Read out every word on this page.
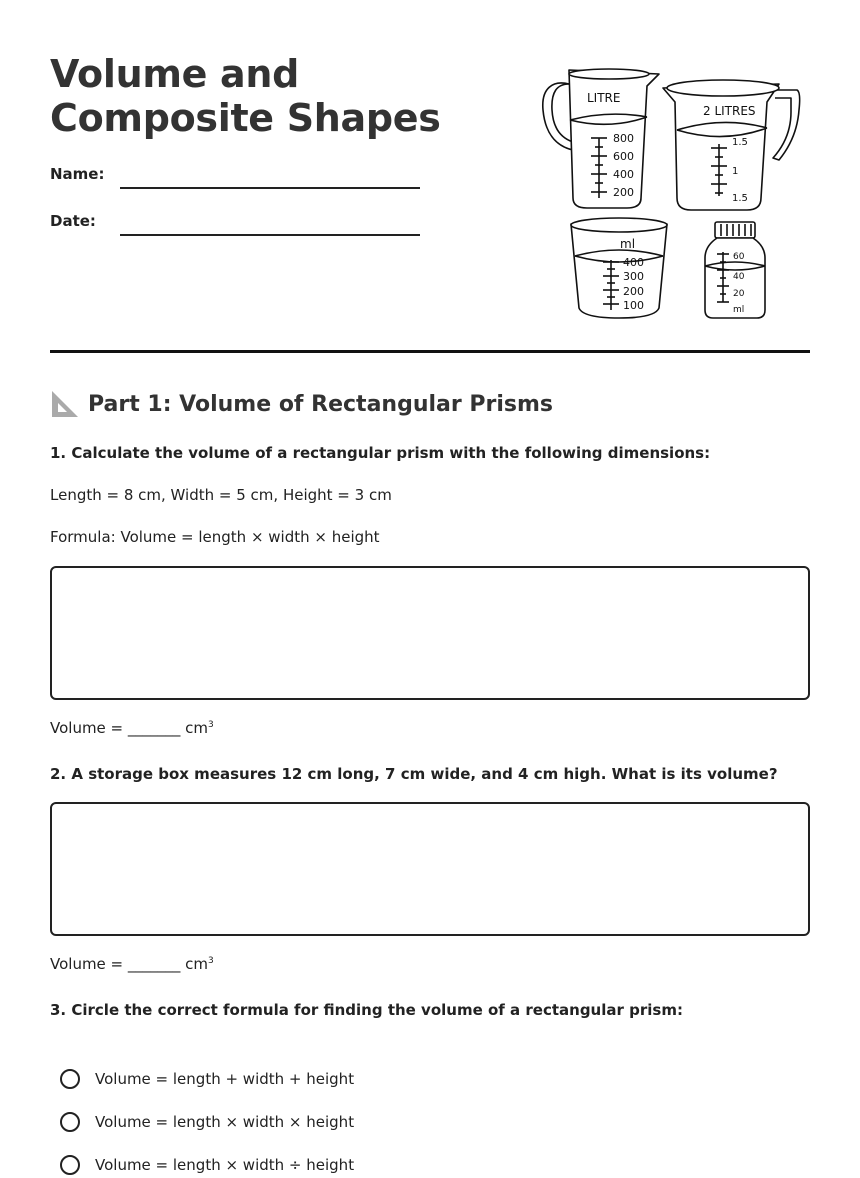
Volume and Composite Shapes
Name:
Date:
LITRE
800
600
400
200
2 LITRES
1.5
1
1.5
ml
400
300
200
100
60
40
20
ml
Part 1: Volume of Rectangular Prisms
1. Calculate the volume of a rectangular prism with the following dimensions:
Length = 8 cm, Width = 5 cm, Height = 3 cm
Formula: Volume = length × width × height
Volume = _______ $cm^3$
2. A storage box measures 12 cm long, 7 cm wide, and 4 cm high. What is its volume?
Volume = _______ $cm^3$
3. Circle the correct formula for finding the volume of a rectangular prism:
Volume = length + width + height
Volume = length × width × height
Volume = length × width ÷ height
